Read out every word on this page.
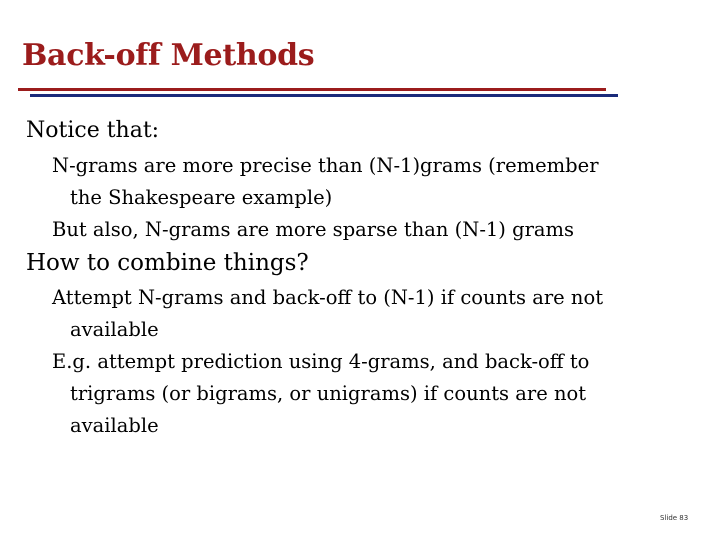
Back-off Methods
Notice that:
N-grams are more precise than (N-1)grams (remember
the Shakespeare example)
But also, N-grams are more sparse than (N-1) grams
How to combine things?
Attempt N-grams and back-off to (N-1) if counts are not
available
E.g. attempt prediction using 4-grams, and back-off to
trigrams (or bigrams, or unigrams) if counts are not
available
Slide 83
